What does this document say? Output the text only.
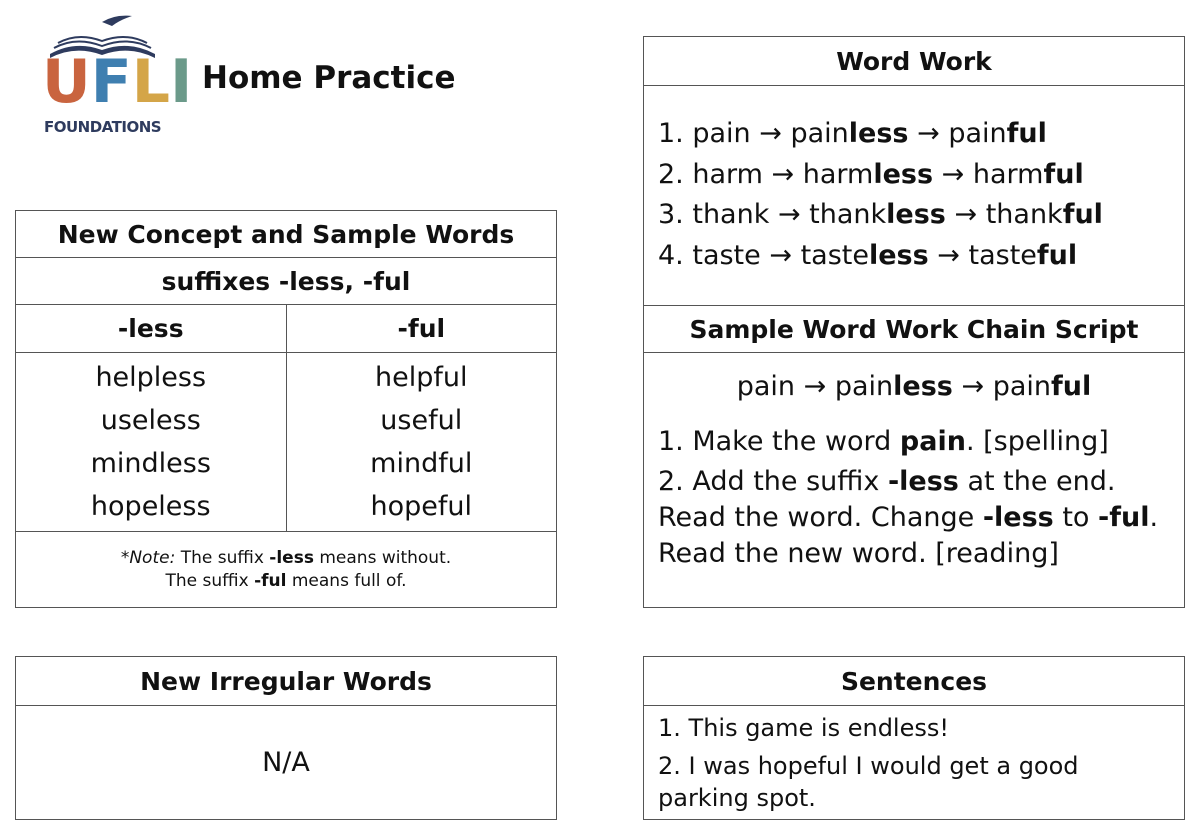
U F L I
FOUNDATIONS
Home Practice
New Concept and Sample Words
suffixes -less, -ful
-less	-ful
helpless
useless
mindless
hopeless
helpful
useful
mindful
hopeful
*Note: The suffix -less means without.
The suffix -ful means full of.
New Irregular Words
N/A
Word Work
1. pain → painless → painful
2. harm → harmless → harmful
3. thank → thankless → thankful
4. taste → tasteless → tasteful
Sample Word Work Chain Script
pain → painless → painful
1. Make the word pain. [spelling]
2. Add the suffix -less at the end.
Read the word. Change -less to -ful.
Read the new word. [reading]
Sentences
1. This game is endless!
2. I was hopeful I would get a good
parking spot.
